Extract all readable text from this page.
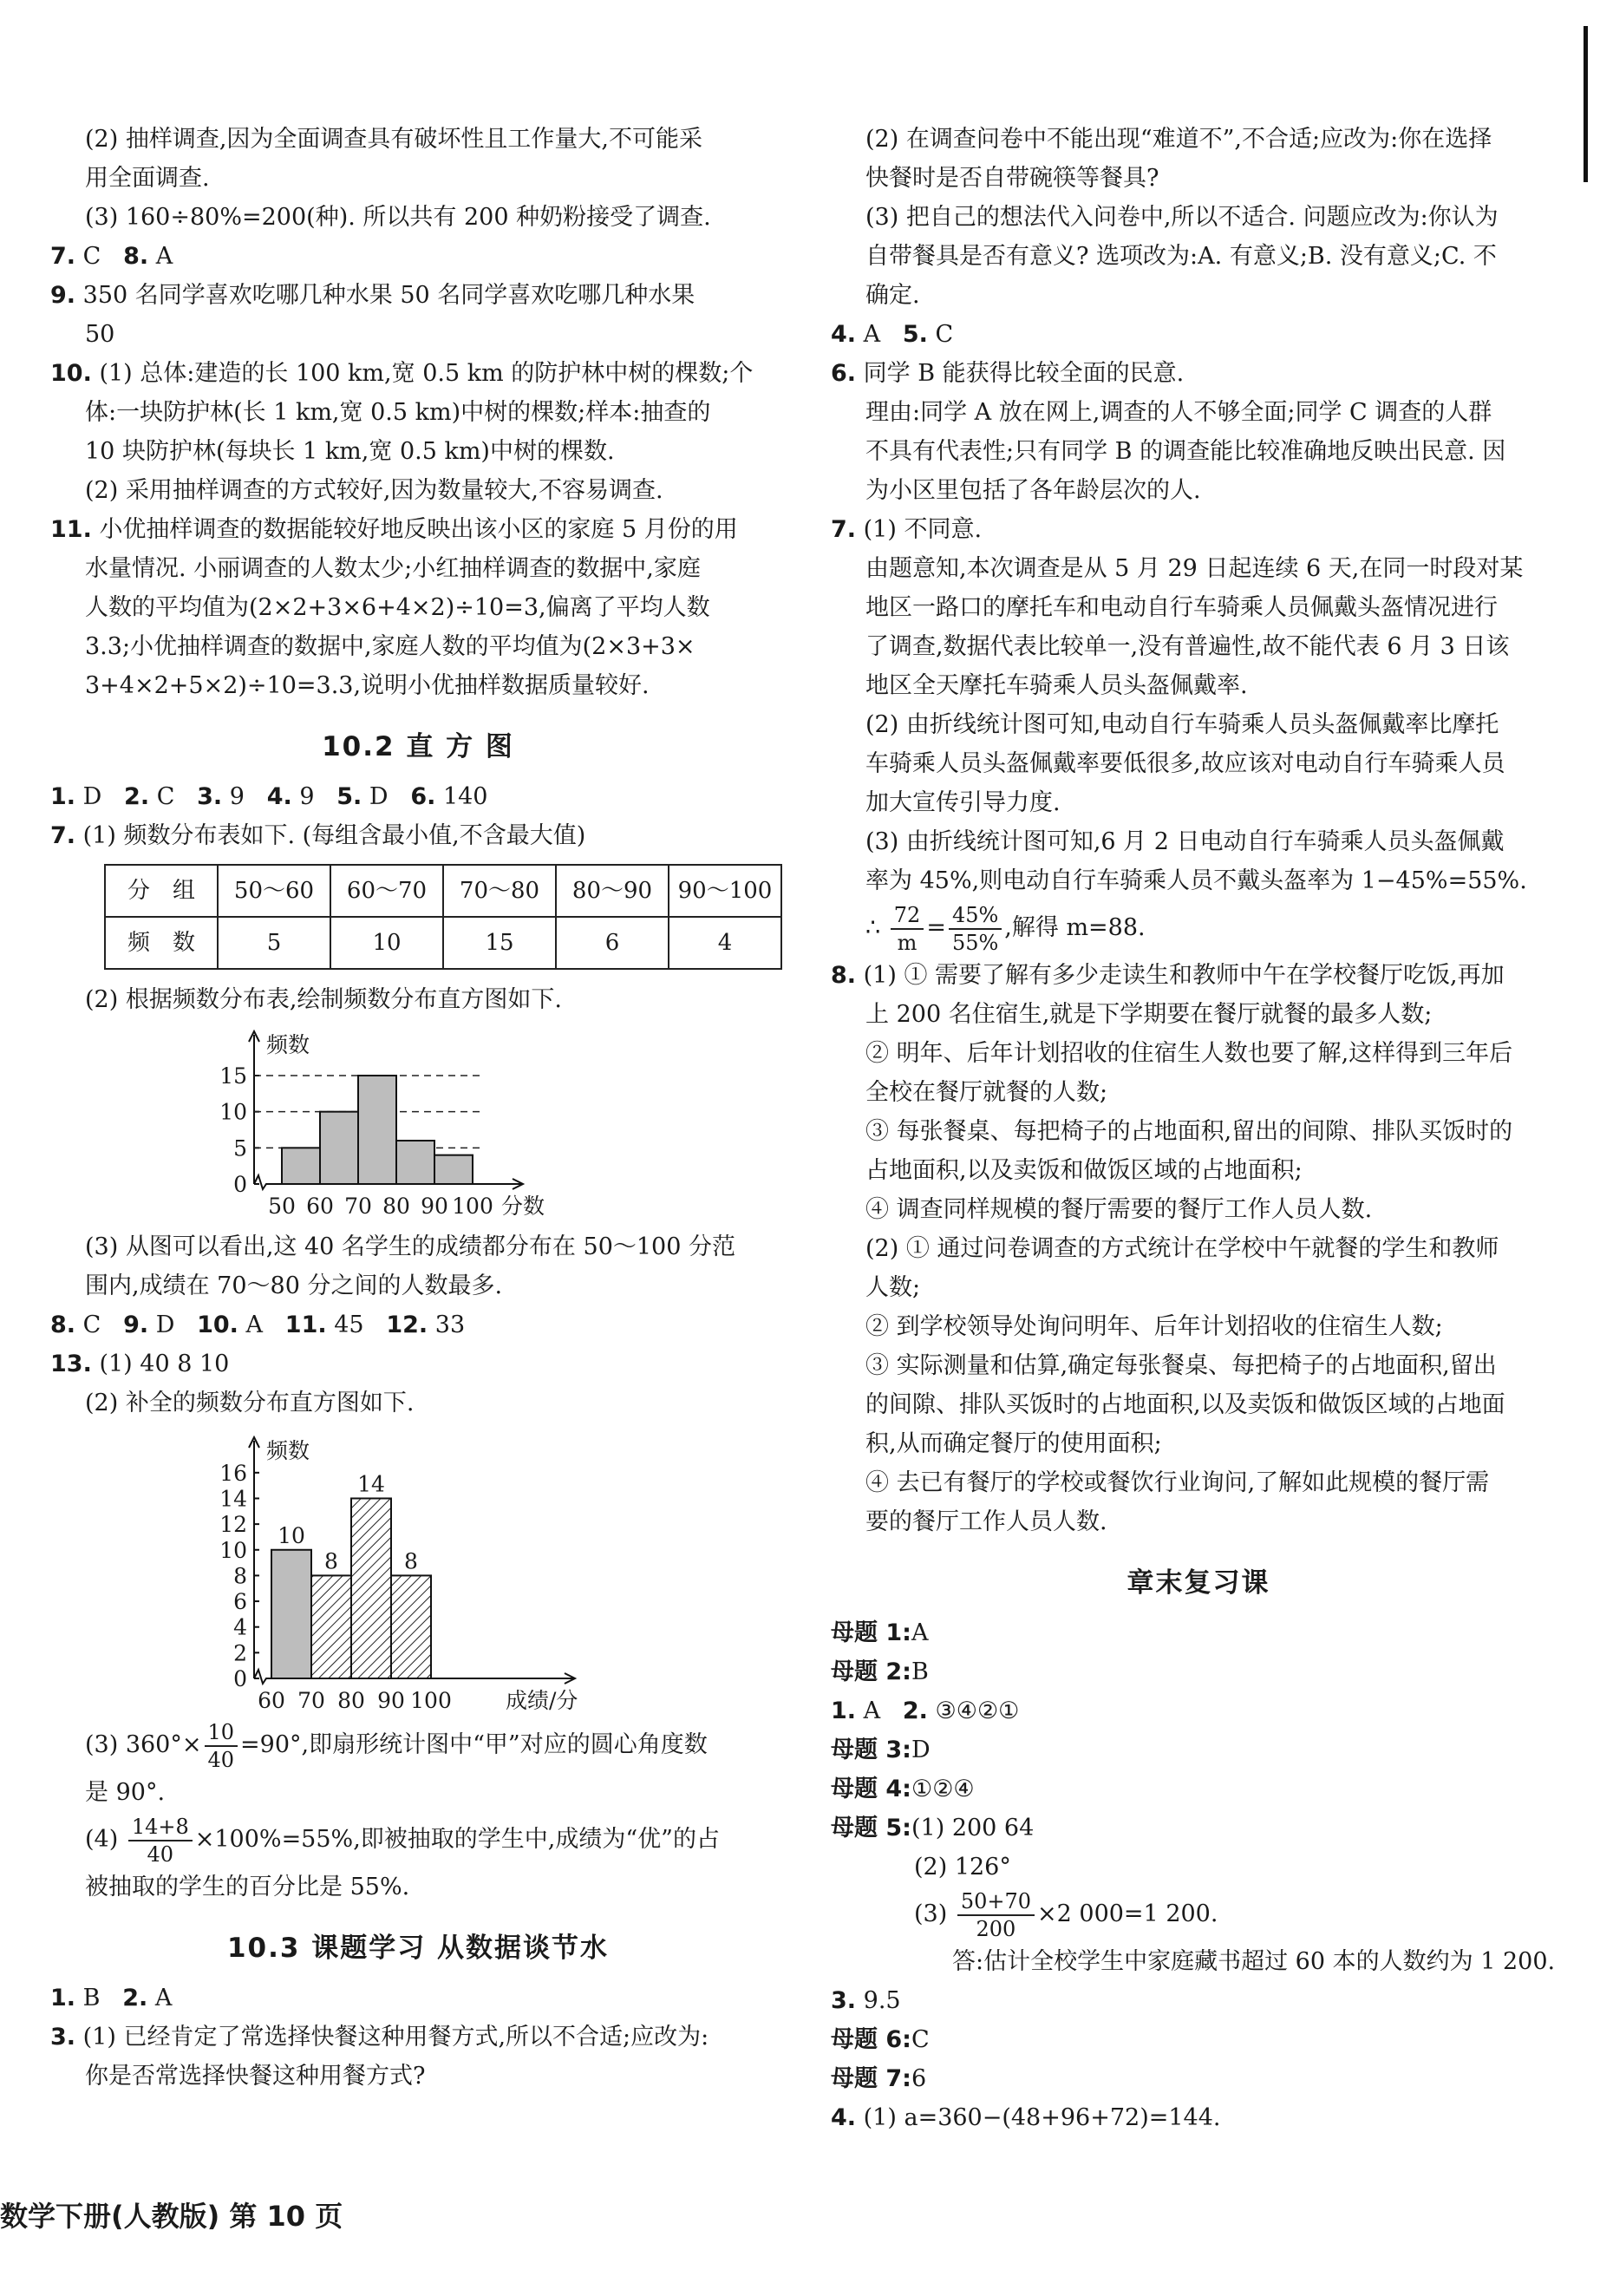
(2) 抽样调查,因为全面调查具有破坏性且工作量大,不可能采

用全面调查.

(3) 160÷80%=200(种). 所以共有 200 种奶粉接受了调查.

7. C 8. A

9. 350 名同学喜欢吃哪几种水果 50 名同学喜欢吃哪几种水果

50

10. (1) 总体:建造的长 100 km,宽 0.5 km 的防护林中树的棵数;个

体:一块防护林(长 1 km,宽 0.5 km)中树的棵数;样本:抽查的

10 块防护林(每块长 1 km,宽 0.5 km)中树的棵数.

(2) 采用抽样调查的方式较好,因为数量较大,不容易调查.

11. 小优抽样调查的数据能较好地反映出该小区的家庭 5 月份的用

水量情况. 小丽调查的人数太少;小红抽样调查的数据中,家庭

人数的平均值为(2×2+3×6+4×2)÷10=3,偏离了平均人数

3.3;小优抽样调查的数据中,家庭人数的平均值为(2×3+3×

3+4×2+5×2)÷10=3.3,说明小优抽样数据质量较好.

10.2 直 方 图

1. D 2. C 3. 9 4. 9 5. D 6. 140

7. (1) 频数分布表如下. (每组含最小值,不含最大值)

分　组	50～60	60～70	70～80	80～90	90～100
频　数	5	10	15	6	4

(2) 根据频数分布表,绘制频数分布直方图如下.

0
5
10
15
50 60 70 80 90 100
频数
分数

(3) 从图可以看出,这 40 名学生的成绩都分布在 50～100 分范

围内,成绩在 70～80 分之间的人数最多.

8. C 9. D 10. A 11. 45 12. 33

13. (1) 40 8 10

(2) 补全的频数分布直方图如下.

0
2
4
6
8
10
12
14
16
10
8
14
8
60 70 80 90 100
频数
成绩/分

(3) $360^\circ\times \frac{10}{40} =90^\circ$,即扇形统计图中“甲”对应的圆心角度数

是 90°.

$(4) \frac{14+8}{40} \times 100\%=55\%$,即被抽取的学生中,成绩为“优”的占

被抽取的学生的百分比是 55%.

10.3 课题学习 从数据谈节水

1. B 2. A

3. (1) 已经肯定了常选择快餐这种用餐方式,所以不合适;应改为:

你是否常选择快餐这种用餐方式?

(2) 在调查问卷中不能出现“难道不”,不合适;应改为:你在选择

快餐时是否自带碗筷等餐具?

(3) 把自己的想法代入问卷中,所以不适合. 问题应改为:你认为

自带餐具是否有意义? 选项改为:A. 有意义;B. 没有意义;C. 不

确定.

4. A 5. C

6. 同学 B 能获得比较全面的民意.

理由:同学 A 放在网上,调查的人不够全面;同学 C 调查的人群

不具有代表性;只有同学 B 的调查能比较准确地反映出民意. 因

为小区里包括了各年龄层次的人.

7. (1) 不同意.

由题意知,本次调查是从 5 月 29 日起连续 6 天,在同一时段对某

地区一路口的摩托车和电动自行车骑乘人员佩戴头盔情况进行

了调查,数据代表比较单一,没有普遍性,故不能代表 6 月 3 日该

地区全天摩托车骑乘人员头盔佩戴率.

(2) 由折线统计图可知,电动自行车骑乘人员头盔佩戴率比摩托

车骑乘人员头盔佩戴率要低很多,故应该对电动自行车骑乘人员

加大宣传引导力度.

(3) 由折线统计图可知,6 月 2 日电动自行车骑乘人员头盔佩戴

率为 45%,则电动自行车骑乘人员不戴头盔率为 1−45%=55%.

∴ $\frac{72}{m} = \frac{45\%}{55\%}$ ,解得 m=88.

8. (1) ① 需要了解有多少走读生和教师中午在学校餐厅吃饭,再加

上 200 名住宿生,就是下学期要在餐厅就餐的最多人数;

② 明年、后年计划招收的住宿生人数也要了解,这样得到三年后

全校在餐厅就餐的人数;

③ 每张餐桌、每把椅子的占地面积,留出的间隙、排队买饭时的

占地面积,以及卖饭和做饭区域的占地面积;

④ 调查同样规模的餐厅需要的餐厅工作人员人数.

(2) ① 通过问卷调查的方式统计在学校中午就餐的学生和教师

人数;

② 到学校领导处询问明年、后年计划招收的住宿生人数;

③ 实际测量和估算,确定每张餐桌、每把椅子的占地面积,留出

的间隙、排队买饭时的占地面积,以及卖饭和做饭区域的占地面

积,从而确定餐厅的使用面积;

④ 去已有餐厅的学校或餐饮行业询问,了解如此规模的餐厅需

要的餐厅工作人员人数.

章末复习课

母题 1:A

母题 2:B

1. A 2. ③④②①

母题 3:D

母题 4:①②④

母题 5:(1) 200 64

(2) 126°

$(3) \frac{50+70}{200} \times 2$ 000=1 200.

答:估计全校学生中家庭藏书超过 60 本的人数约为 1 200.

3. 9.5

母题 6:C

母题 7:6

4. (1) a=360−(48+96+72)=144.

数学下册(人教版) 第 10 页
